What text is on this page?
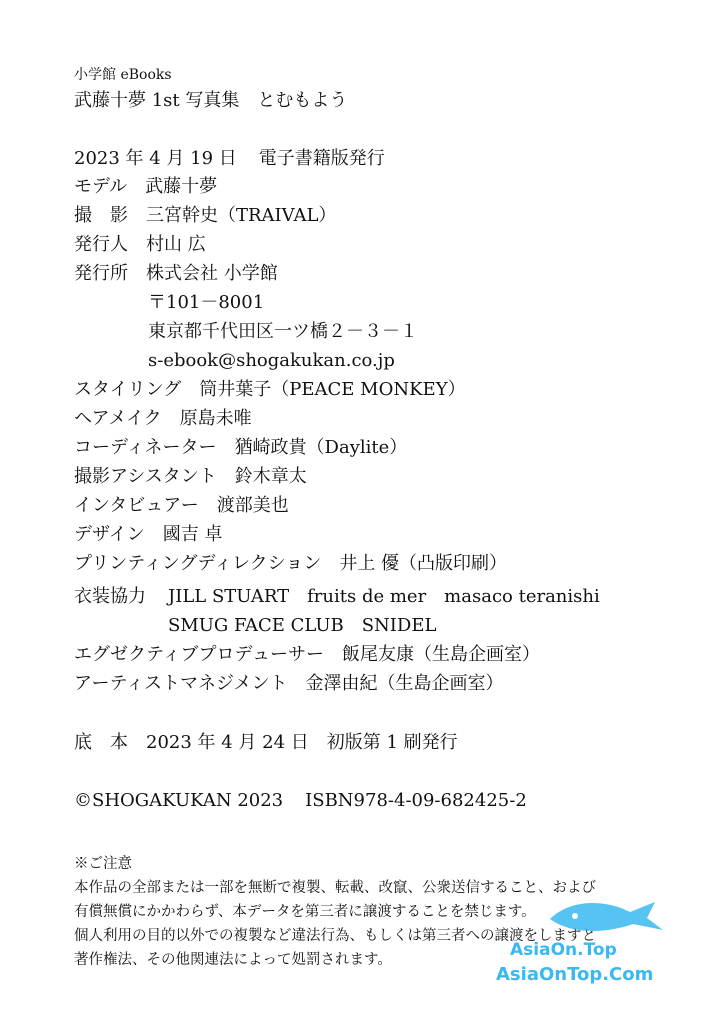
小学館 eBooks
武藤十夢 1st 写真集　とむもよう
2023 年 4 月 19 日 電子書籍版発行
モデル 武藤十夢
撮　影 三宮幹史（TRAIVAL）
発行人 村山 広
発行所 株式会社 小学館
〒101－8001
東京都千代田区一ツ橋２－３－１
s-ebook@shogakukan.co.jp
スタイリング 筒井葉子（PEACE MONKEY）
ヘアメイク 原島未唯
コーディネーター 猶崎政貴（Daylite）
撮影アシスタント 鈴木章太
インタビュアー 渡部美也
デザイン 國吉 卓
プリンティングディレクション 井上 優（凸版印刷）
衣装協力 JILL STUART　fruits de mer　masaco teranishi
SMUG FACE CLUB　SNIDEL
エグゼクティブプロデューサー 飯尾友康（生島企画室）
アーティストマネジメント 金澤由紀（生島企画室）
底　本 2023 年 4 月 24 日 初版第 1 刷発行
©SHOGAKUKAN 2023 ISBN978-4-09-682425-2
※ご注意
本作品の全部または一部を無断で複製、転載、改竄、公衆送信すること、および
有償無償にかかわらず、本データを第三者に譲渡することを禁じます。
個人利用の目的以外での複製など違法行為、もしくは第三者への譲渡をしますと
著作権法、その他関連法によって処罰されます。	AsiaOn.Top
AsiaOnTop.Com
